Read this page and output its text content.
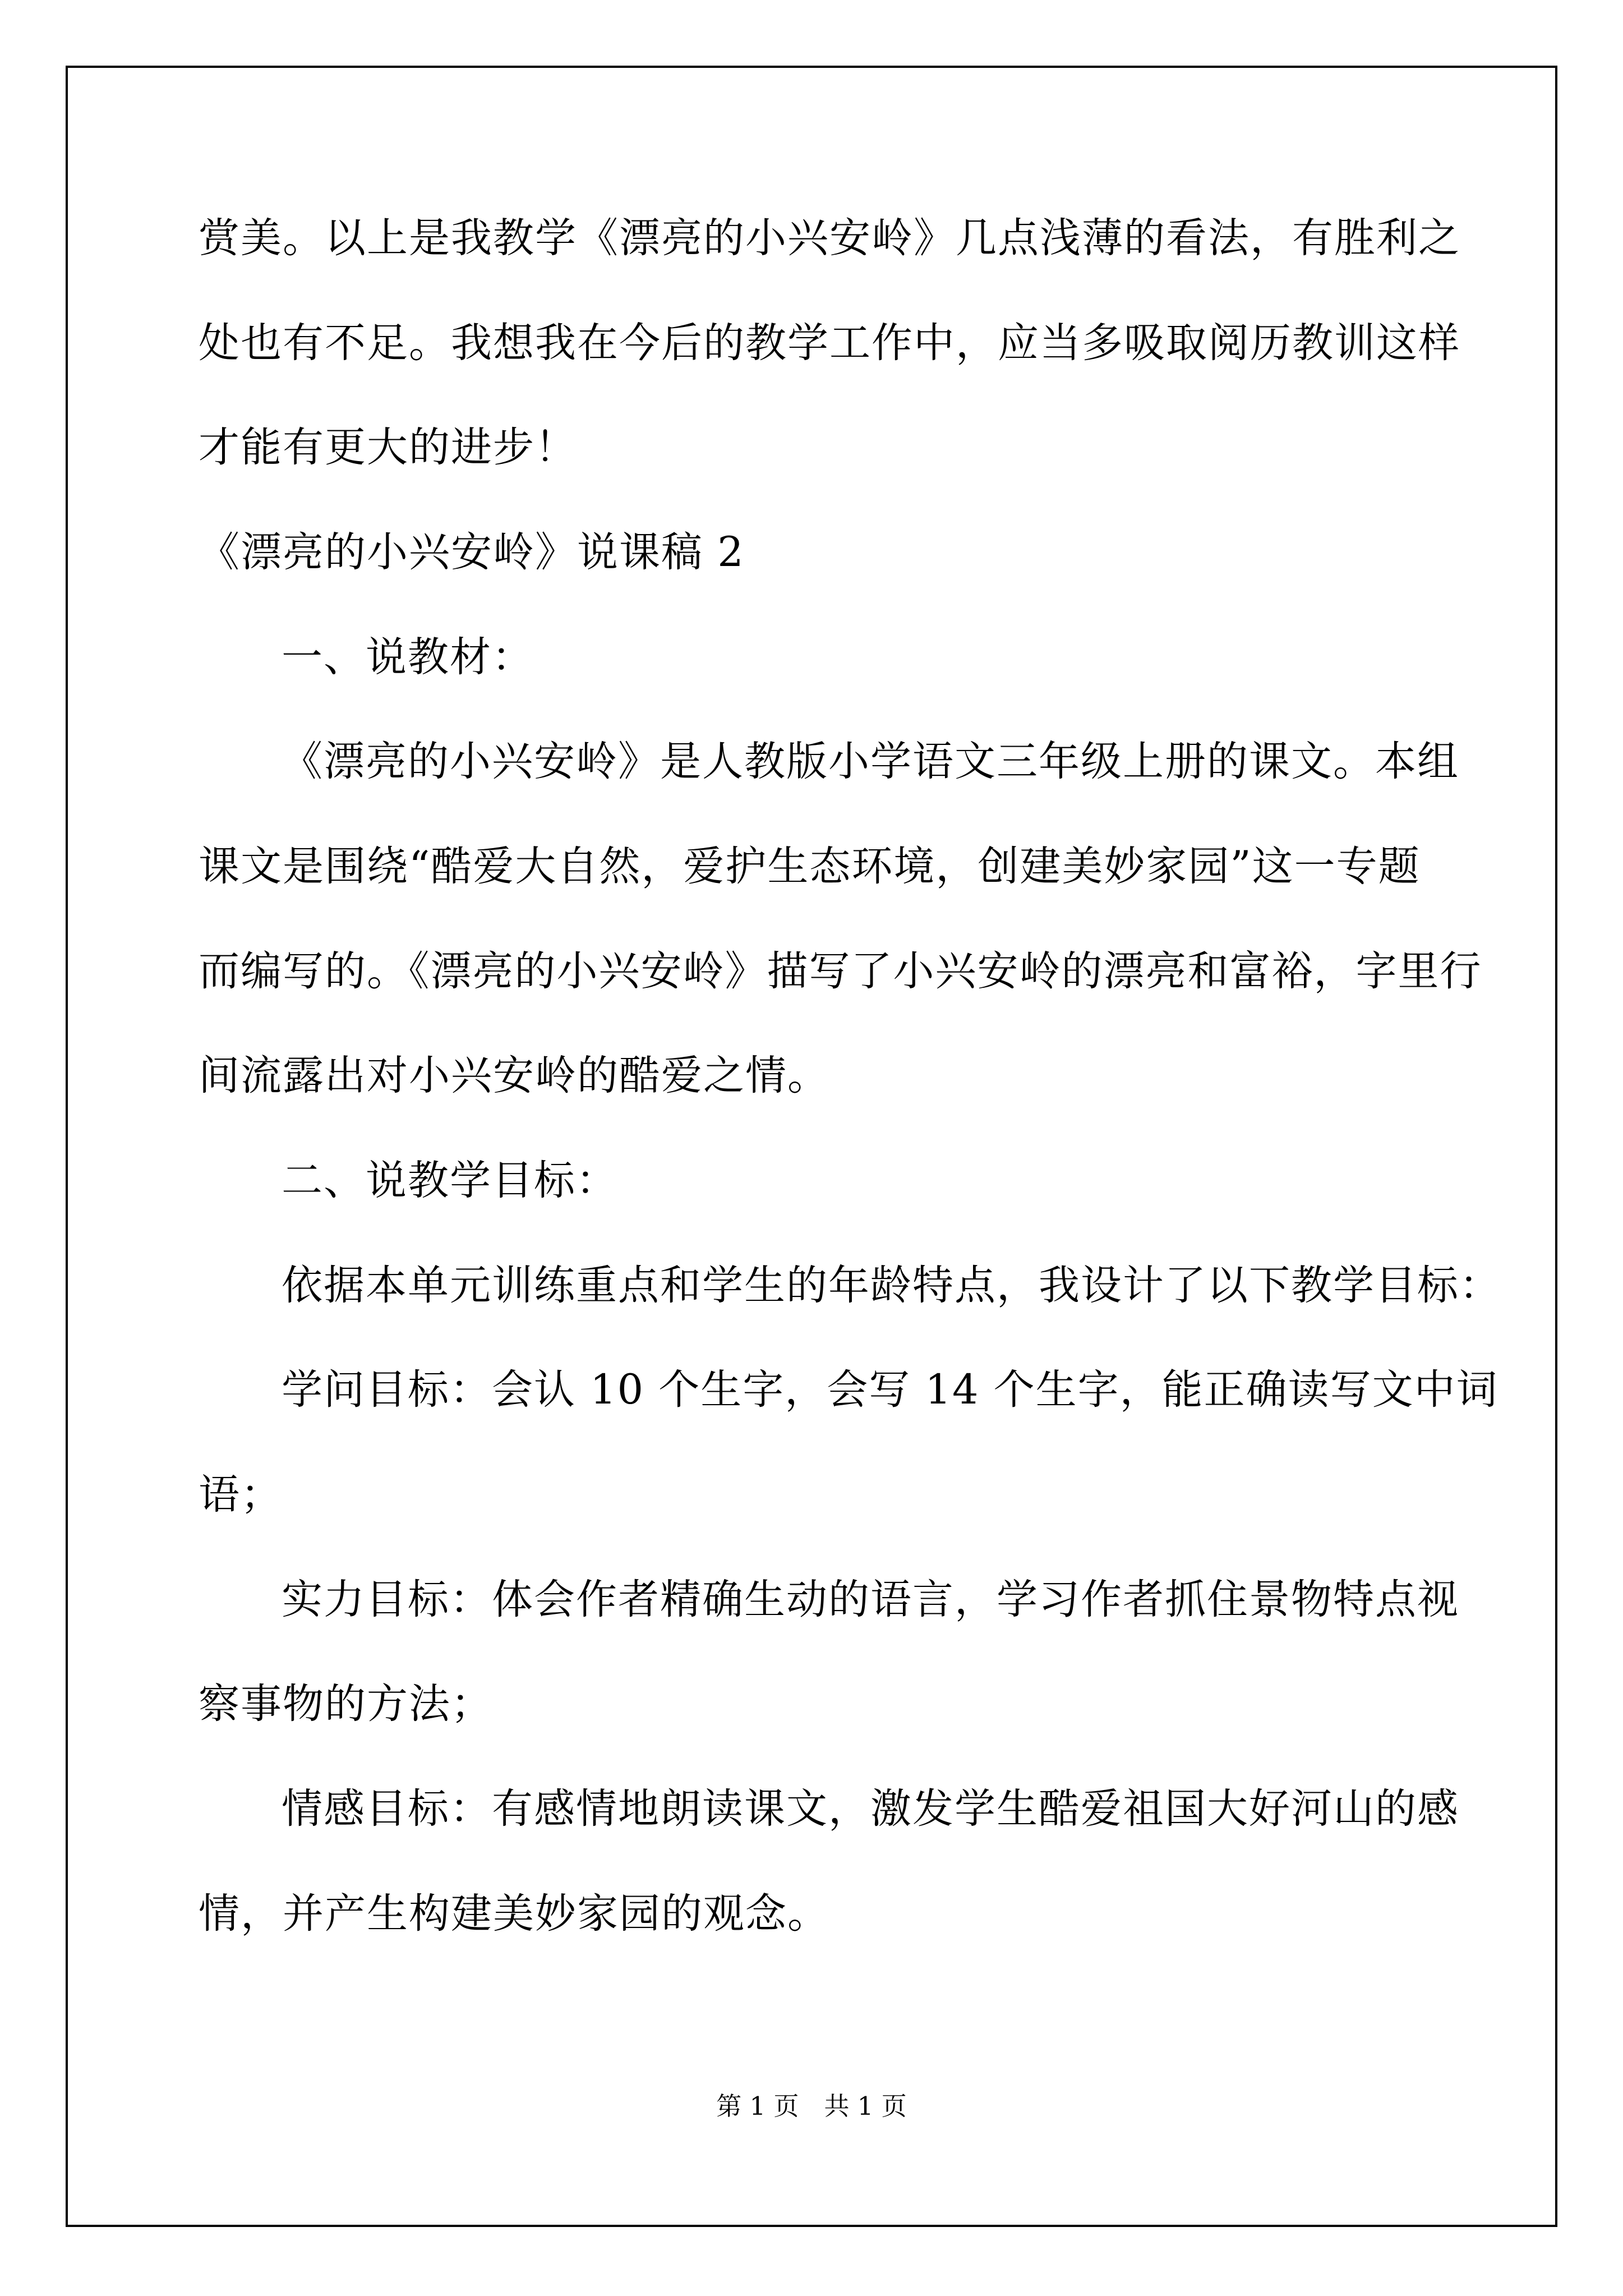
赏美。以上是我教学《漂亮的小兴安岭》几点浅薄的看法，有胜利之
处也有不足。我想我在今后的教学工作中，应当多吸取阅历教训这样
才能有更大的进步！
《漂亮的小兴安岭》说课稿 2
一、说教材：
《漂亮的小兴安岭》是人教版小学语文三年级上册的课文。本组
课文是围绕“酷爱大自然，爱护生态环境，创建美妙家园”这一专题
而编写的。《漂亮的小兴安岭》描写了小兴安岭的漂亮和富裕，字里行
间流露出对小兴安岭的酷爱之情。
二、说教学目标：
依据本单元训练重点和学生的年龄特点，我设计了以下教学目标：
学问目标：会认 10 个生字，会写 14 个生字，能正确读写文中词
语；
实力目标：体会作者精确生动的语言，学习作者抓住景物特点视
察事物的方法；
情感目标：有感情地朗读课文，激发学生酷爱祖国大好河山的感
情，并产生构建美妙家园的观念。
第 1 页　共 1 页
